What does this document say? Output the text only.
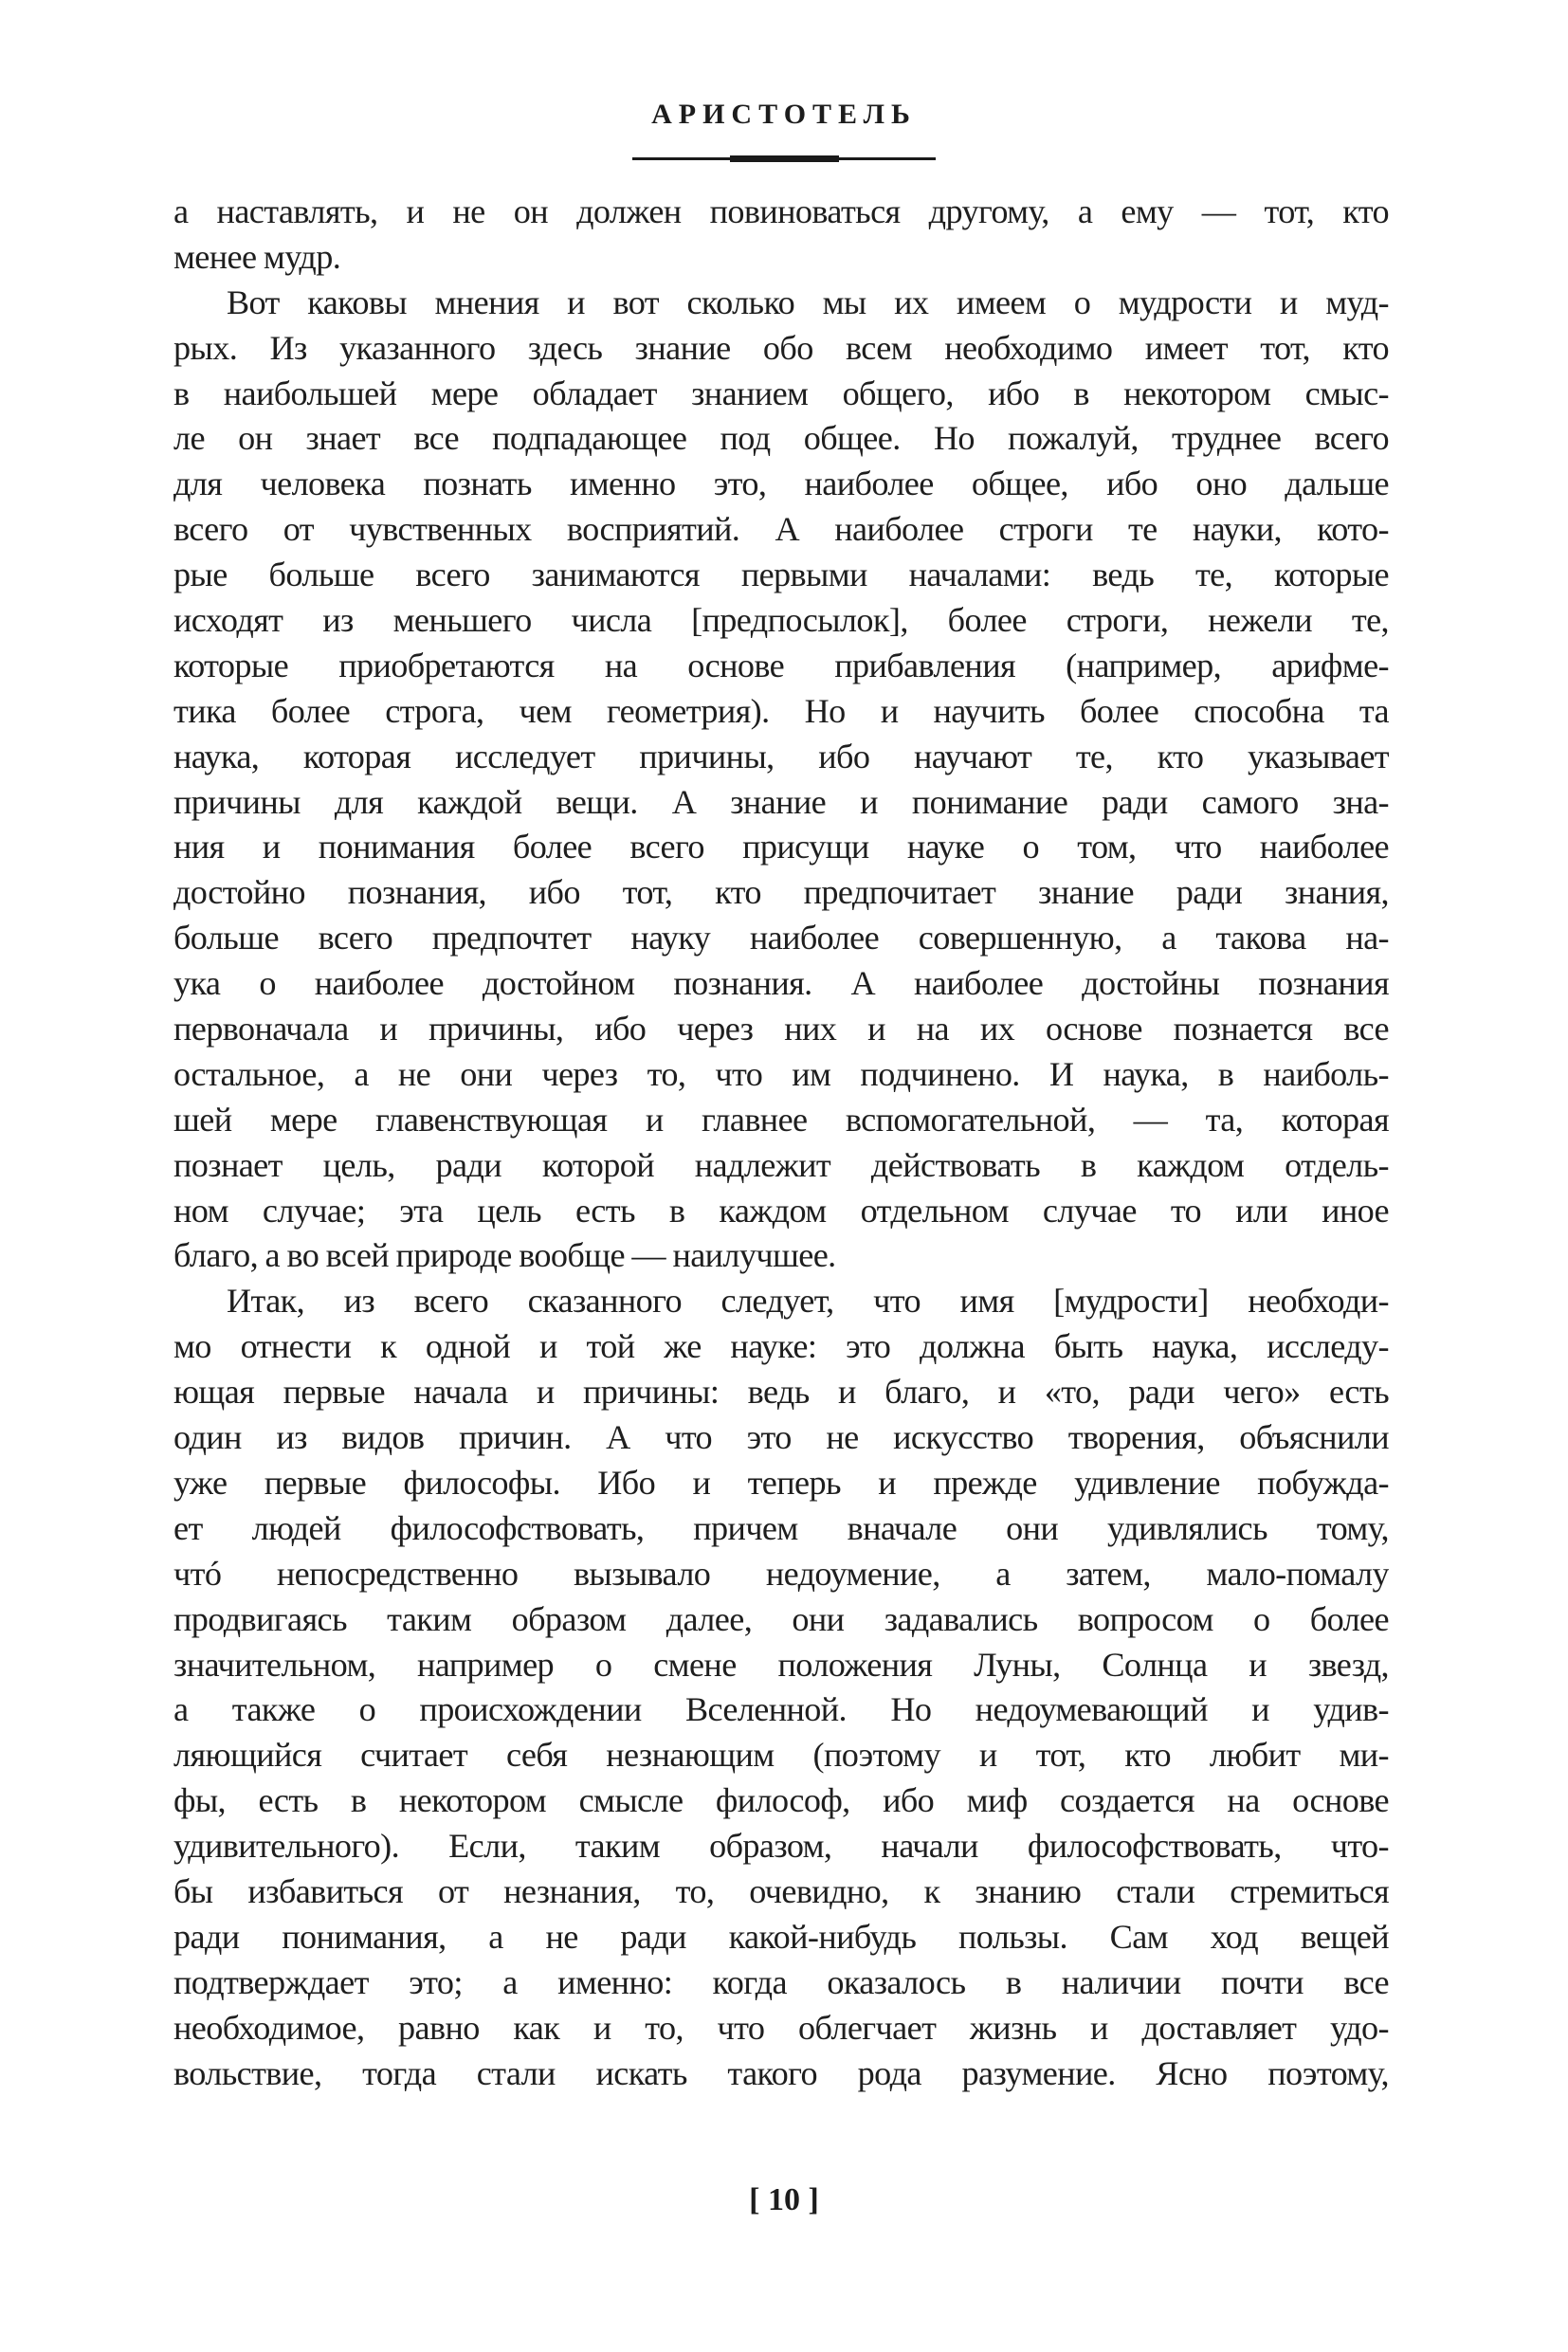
АРИСТОТЕЛЬ
а наставлять, и не он должен повиноваться другому, а ему — тот, кто
менее мудр.
Вот каковы мнения и вот сколько мы их имеем о мудрости и муд-
рых. Из указанного здесь знание обо всем необходимо имеет тот, кто
в наибольшей мере обладает знанием общего, ибо в некотором смыс-
ле он знает все подпадающее под общее. Но пожалуй, труднее всего
для человека познать именно это, наиболее общее, ибо оно дальше
всего от чувственных восприятий. А наиболее строги те науки, кото-
рые больше всего занимаются первыми началами: ведь те, которые
исходят из меньшего числа [предпосылок], более строги, нежели те,
которые приобретаются на основе прибавления (например, арифме-
тика более строга, чем геометрия). Но и научить более способна та
наука, которая исследует причины, ибо научают те, кто указывает
причины для каждой вещи. А знание и понимание ради самого зна-
ния и понимания более всего присущи науке о том, что наиболее
достойно познания, ибо тот, кто предпочитает знание ради знания,
больше всего предпочтет науку наиболее совершенную, а такова на-
ука о наиболее достойном познания. А наиболее достойны познания
первоначала и причины, ибо через них и на их основе познается все
остальное, а не они через то, что им подчинено. И наука, в наиболь-
шей мере главенствующая и главнее вспомогательной, — та, которая
познает цель, ради которой надлежит действовать в каждом отдель-
ном случае; эта цель есть в каждом отдельном случае то или иное
благо, а во всей природе вообще — наилучшее.
Итак, из всего сказанного следует, что имя [мудрости] необходи-
мо отнести к одной и той же науке: это должна быть наука, исследу-
ющая первые начала и причины: ведь и благо, и «то, ради чего» есть
один из видов причин. А что это не искусство творения, объяснили
уже первые философы. Ибо и теперь и прежде удивление побужда-
ет людей философствовать, причем вначале они удивлялись тому,
чтó непосредственно вызывало недоумение, а затем, мало-помалу
продвигаясь таким образом далее, они задавались вопросом о более
значительном, например о смене положения Луны, Солнца и звезд,
а также о происхождении Вселенной. Но недоумевающий и удив-
ляющийся считает себя незнающим (поэтому и тот, кто любит ми-
фы, есть в некотором смысле философ, ибо миф создается на основе
удивительного). Если, таким образом, начали философствовать, что-
бы избавиться от незнания, то, очевидно, к знанию стали стремиться
ради понимания, а не ради какой-нибудь пользы. Сам ход вещей
подтверждает это; а именно: когда оказалось в наличии почти все
необходимое, равно как и то, что облегчает жизнь и доставляет удо-
вольствие, тогда стали искать такого рода разумение. Ясно поэтому,
[ 10 ]
